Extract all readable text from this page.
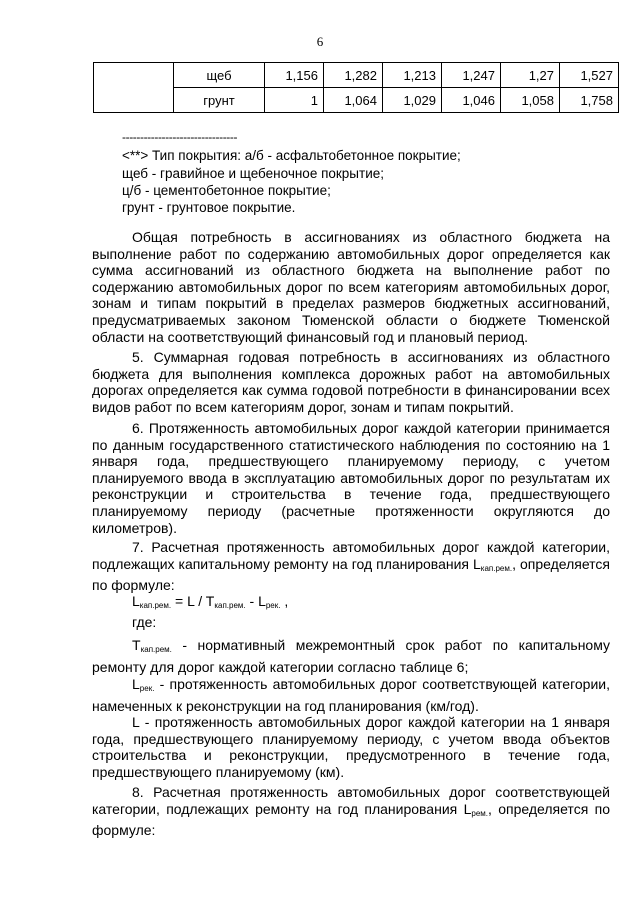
6
	щеб	1,156	1,282	1,213	1,247	1,27	1,527
	грунт	1	1,064	1,029	1,046	1,058	1,758
--------------------------------
<**> Тип покрытия: а/б - асфальтобетонное покрытие;
щеб - гравийное и щебеночное покрытие;
ц/б - цементобетонное покрытие;
грунт - грунтовое покрытие.

Общая потребность в ассигнованиях из областного бюджета на выполнение работ по содержанию автомобильных дорог определяется как сумма ассигнований из областного бюджета на выполнение работ по содержанию автомобильных дорог по всем категориям автомобильных дорог, зонам и типам покрытий в пределах размеров бюджетных ассигнований, предусматриваемых законом Тюменской области о бюджете Тюменской области на соответствующий финансовый год и плановый период.

5. Суммарная годовая потребность в ассигнованиях из областного бюджета для выполнения комплекса дорожных работ на автомобильных дорогах определяется как сумма годовой потребности в финансировании всех видов работ по всем категориям дорог, зонам и типам покрытий.

6. Протяженность автомобильных дорог каждой категории принимается по данным государственного статистического наблюдения по состоянию на 1 января года, предшествующего планируемому периоду, с учетом планируемого ввода в эксплуатацию автомобильных дорог по результатам их реконструкции и строительства в течение года, предшествующего планируемому периоду (расчетные протяженности округляются до километров).

7. Расчетная протяженность автомобильных дорог каждой категории, подлежащих капитальному ремонту на год планирования $L_{кап.рем.}$, определяется по формуле:

$L_{кап.рем.} = L / T_{кап.рем.} - L_{рек.}$ ,
где:

$T_{кап.рем.}$ - нормативный межремонтный срок работ по капитальному ремонту для дорог каждой категории согласно таблице 6;

$L_{рек.}$ - протяженность автомобильных дорог соответствующей категории, намеченных к реконструкции на год планирования (км/год).

L - протяженность автомобильных дорог каждой категории на 1 января года, предшествующего планируемому периоду, с учетом ввода объектов строительства и реконструкции, предусмотренного в течение года, предшествующего планируемому (км).

8. Расчетная протяженность автомобильных дорог соответствующей категории, подлежащих ремонту на год планирования $L_{рем.}$, определяется по формуле:
